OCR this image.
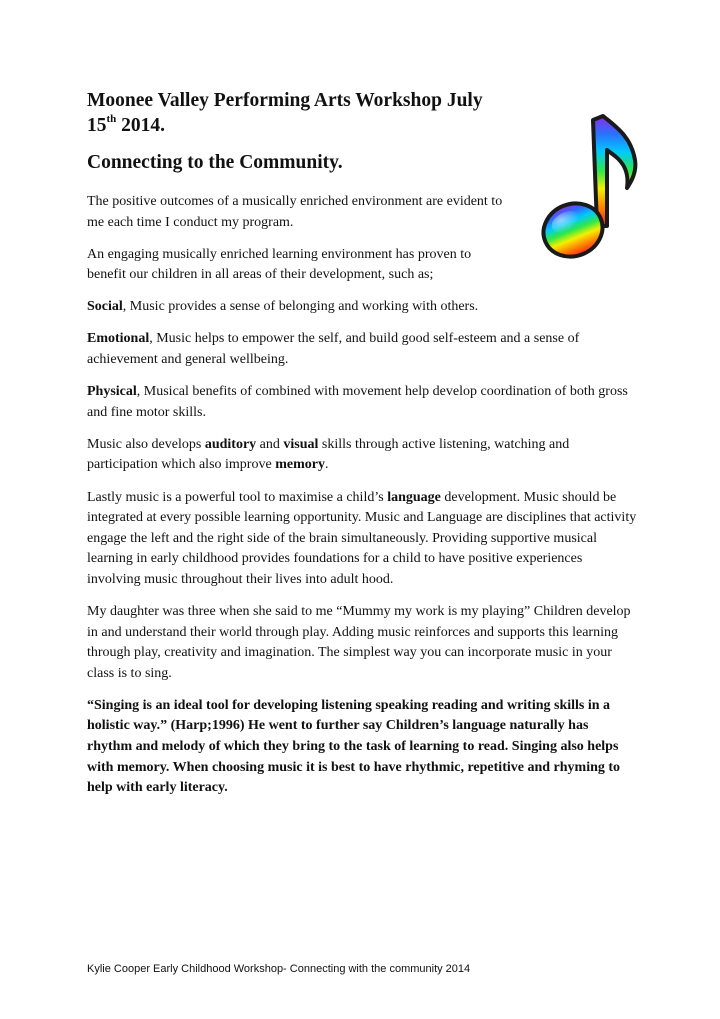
Moonee Valley Performing Arts Workshop July
15th 2014.
Connecting to the Community.

The positive outcomes of a musically enriched environment are evident to me each time I conduct my program.

An engaging musically enriched learning environment has proven to benefit our children in all areas of their development, such as;

Social, Music provides a sense of belonging and working with others.

Emotional, Music helps to empower the self, and build good self-esteem and a sense of achievement and general wellbeing.

Physical, Musical benefits of combined with movement help develop coordination of both gross and fine motor skills.

Music also develops auditory and visual skills through active listening, watching and participation which also improve memory.

Lastly music is a powerful tool to maximise a child’s language development. Music should be integrated at every possible learning opportunity. Music and Language are disciplines that activity engage the left and the right side of the brain simultaneously. Providing supportive musical learning in early childhood provides foundations for a child to have positive experiences involving music throughout their lives into adult hood.

My daughter was three when she said to me “Mummy my work is my playing” Children develop in and understand their world through play. Adding music reinforces and supports this learning through play, creativity and imagination. The simplest way you can incorporate music in your class is to sing.

“Singing is an ideal tool for developing listening speaking reading and writing skills in a holistic way.” (Harp;1996) He went to further say Children’s language naturally has rhythm and melody of which they bring to the task of learning to read. Singing also helps with memory. When choosing music it is best to have rhythmic, repetitive and rhyming to help with early literacy.

Kylie Cooper Early Childhood Workshop- Connecting with the community 2014
